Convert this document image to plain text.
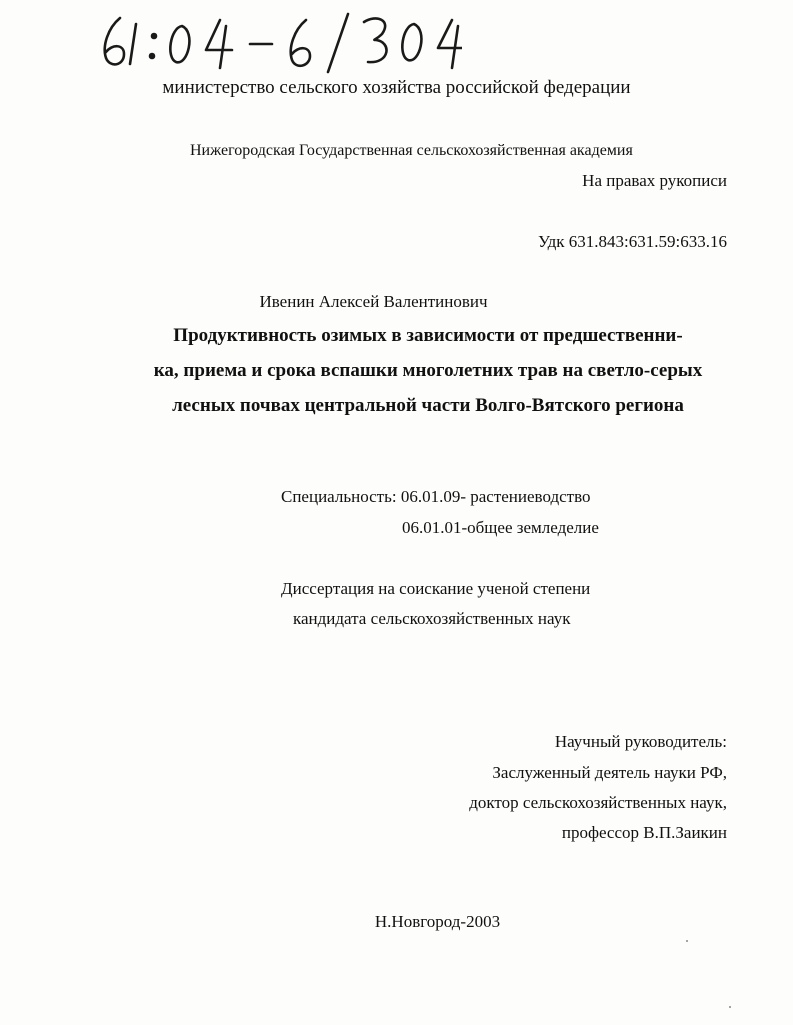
министерство сельского хозяйства российской федерации
Нижегородская Государственная сельскохозяйственная академия
На правах рукописи
Удк 631.843:631.59:633.16
Ивенин Алексей Валентинович
Продуктивность озимых в зависимости от предшественни-
ка, приема и срока вспашки многолетних трав на светло-серых
лесных почвах центральной части Волго-Вятского региона
Специальность: 06.01.09- растениеводство
06.01.01-общее земледелие
Диссертация на соискание ученой степени
кандидата сельскохозяйственных наук
Научный руководитель:
Заслуженный деятель науки РФ,
доктор сельскохозяйственных наук,
профессор В.П.Заикин
Н.Новгород-2003
